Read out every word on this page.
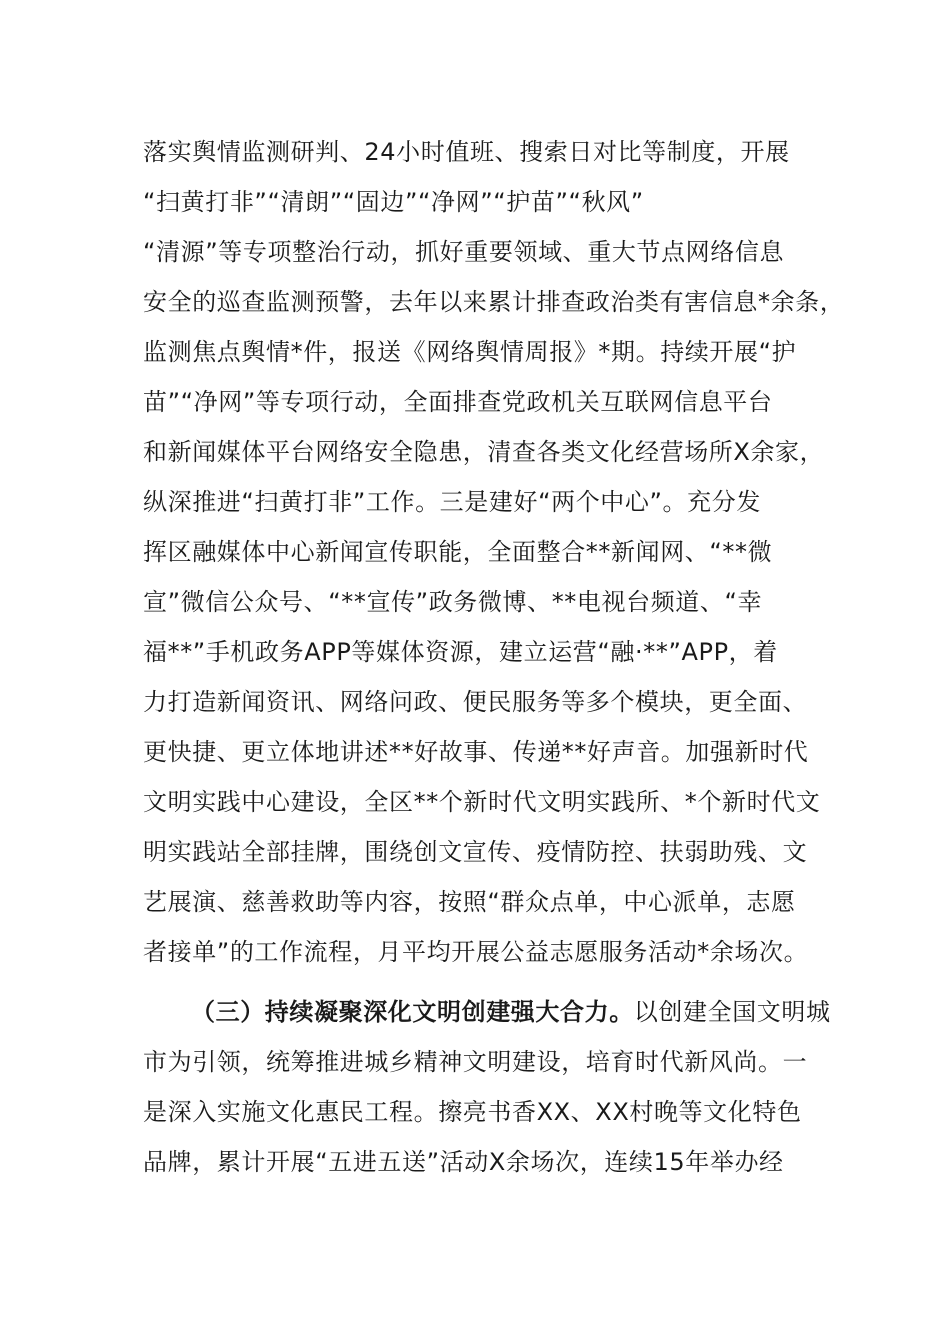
落实舆情监测研判、24小时值班、搜索日对比等制度，开展
“扫黄打非”“清朗”“固边”“净网”“护苗”“秋风”
“清源”等专项整治行动，抓好重要领域、重大节点网络信息
安全的巡查监测预警，去年以来累计排查政治类有害信息*余条，
监测焦点舆情*件，报送《网络舆情周报》*期。持续开展“护
苗”“净网”等专项行动，全面排查党政机关互联网信息平台
和新闻媒体平台网络安全隐患，清查各类文化经营场所X余家，
纵深推进“扫黄打非”工作。三是建好“两个中心”。充分发
挥区融媒体中心新闻宣传职能，全面整合**新闻网、“**微
宣”微信公众号、“**宣传”政务微博、**电视台频道、“幸
福**”手机政务APP等媒体资源，建立运营“融·**”APP，着
力打造新闻资讯、网络问政、便民服务等多个模块，更全面、
更快捷、更立体地讲述**好故事、传递**好声音。加强新时代
文明实践中心建设，全区**个新时代文明实践所、*个新时代文
明实践站全部挂牌，围绕创文宣传、疫情防控、扶弱助残、文
艺展演、慈善救助等内容，按照“群众点单，中心派单，志愿
者接单”的工作流程，月平均开展公益志愿服务活动*余场次。
（三）持续凝聚深化文明创建强大合力。以创建全国文明城
市为引领，统筹推进城乡精神文明建设，培育时代新风尚。一
是深入实施文化惠民工程。擦亮书香XX、XX村晚等文化特色
品牌，累计开展“五进五送”活动X余场次，连续15年举办经
